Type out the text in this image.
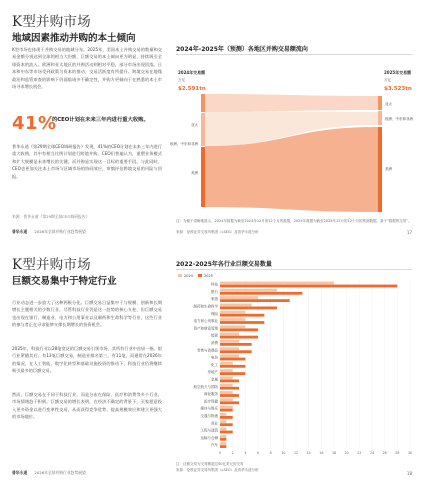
K型并购市场
地域因素推动并购的本土倾向
K型市场也体现于并购交易的地域分布。2025年，美国本土并购交易的数量和交易金额分别达到全球的相当大份额，巨额交易的本土倾向更为明显，持续吸引全球资本的流入。欧洲和亚太地区的并购活动则相对平稳，部分市场出现回落。日本和中东等市场受到政策与资本的推动，交易活跃度有所提升。跨境交易在地缘政治和监管审查的影响下仍面临诸多不确定性，并购方更倾向于在熟悉的本土市场寻求增长机会。
41%
的CEO计划在未来三年内进行重大收购。
普华永道《第29期全球CEO调研报告》发现，41%的CEO计划在未来三年内进行重大收购，其中有相当比例计划进行跨境并购。CEO们普遍认为，重塑业务模式和扩大规模是未来增长的关键，而并购是实现这一目标的重要手段。与此同时，CEO也更加关注本土市场与区域市场的协同效应，审慎评估跨境交易的风险与回报。
来源：普华永道《第29期全球CEO调研报告》
2024年-2025年（预测）各地区并购交易额流向
2024年交易额
万亿
$2.591tn
2025年交易额
万亿
$3.523tn
亚太
欧洲、中东和非洲
美洲
亚太
欧洲、中东和非洲
美洲
注：为便于清晰地展示，2024年数据为截至2024年12月的12个月的数据，2025年数据为截至2025年12月的12个月的预测数据。基于“数据的交易”。
来源：伦敦证券交易所集团（LSEG）及普华永道分析
普华永道 2026年全球并购行业趋势展望	17
K型并购市场
巨额交易集中于特定行业
行业动态进一步放大了这种两极分化。巨额交易日益集中于与规模、创新和长期增长主题相关的少数行业。尽管科技行业仍是这一趋势的核心支柱，但巨额交易也出现在银行、制造业、电力和公用事业以及制药和生命科学等行业，这些行业的参与者正在寻求能够支撑长期增长的投资机会。
2025年，科技行业以28笔宽泛的巨额交易引领市场，其所有行业中首屈一指。银行业紧随其后，有13笔巨额交易，制造业排名第三，有11笔，而通常在2026年的情况，在人工智能、数字化转型和基础设施投资的推动下，科技行业仍将继续吸引最多的巨额交易。
然而，巨额交易在不同于科技行业，而是分布在保险、医疗和消费等多个行业，市场情绪趋于积极。巨额交易的增长表明，在经济不确定的背景下，买家愿意投入更多资金以进行变革性交易，从而获得竞争优势、提高规模效应和建立更强大的市场地位。
2022-2025年各行业巨额交易数量
2024	2025
0	2	4	6	8	10	12	14	16	18	20	22	24	26	28	30
科技
银行
制造
制药和生命科学
保险
电力和公用事业
资产和财富管理
能源
消费
零售与消费品
电信
化工
房地产
金属
航空航天与国防
商业服务
医疗保健
媒体与娱乐
交通与物流
商业
工程与建筑
运输与仓储
汽车
注：巨额交易为交易额超过50亿美元的交易
来源：伦敦证券交易所集团（LSEG）及普华永道分析
普华永道 2026年全球并购行业趋势展望	18
